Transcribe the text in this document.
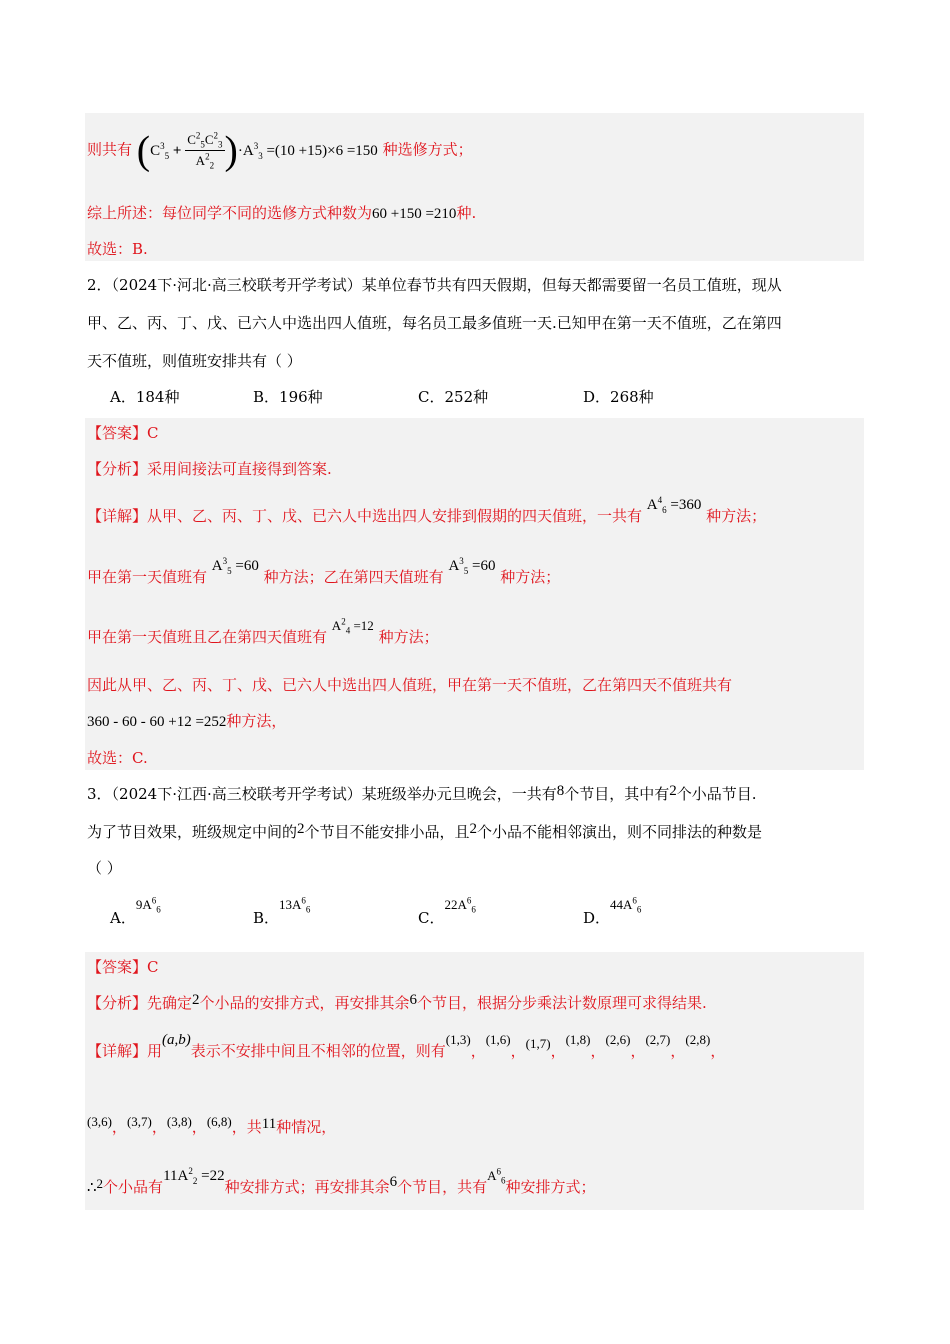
则共有 $(C^3_5 + \frac{C^2_5C^2_3}{A^2_2} )\cdot A^3_3 =(10 +15)\times 6 =150$ 种选修方式；
综上所述：每位同学不同的选修方式种数为60 +150 =210种.
故选：B.
2．（2024下·河北·高三校联考开学考试）某单位春节共有四天假期，但每天都需要留一名员工值班，现从
甲、乙、丙、丁、戊、已六人中选出四人值班，每名员工最多值班一天.已知甲在第一天不值班，乙在第四
天不值班，则值班安排共有（ ）
A．184种	B．196种	C．252种	D．268种
【答案】C
【分析】采用间接法可直接得到答案.
【详解】从甲、乙、丙、丁、戊、已六人中选出四人安排到假期的四天值班，一共有 $A^4_6 =360$ 种方法；
甲在第一天值班有 $A^3_5 =60$ 种方法；乙在第四天值班有 $A^3_5 =60$ 种方法；
甲在第一天值班且乙在第四天值班有 $A^2_4 =12$ 种方法；
因此从甲、乙、丙、丁、戊、已六人中选出四人值班，甲在第一天不值班，乙在第四天不值班共有
360 - 60 - 60 +12 =252种方法，
故选：C.
3．（2024下·江西·高三校联考开学考试）某班级举办元旦晚会，一共有8个节目，其中有2个小品节目.
为了节目效果，班级规定中间的2个节目不能安排小品，且2个小品不能相邻演出，则不同排法的种数是
（ ）
A．$9A^6_6$	B．$13A^6_6$	C．$22A^6_6$	D．$44A^6_6$
【答案】C
【分析】先确定2个小品的安排方式，再安排其余6个节目，根据分步乘法计数原理可求得结果.
【详解】用(a,b)表示不安排中间且不相邻的位置，则有(1,3)，(1,6)，(1,7)，(1,8)，(2,6)，(2,7)，(2,8)，
(3,6)，(3,7)，(3,8)，(6,8)，共11种情况，
∴2个小品有$11A^2_2 =22$种安排方式；再安排其余6个节目，共有$A^6_6$种安排方式；
